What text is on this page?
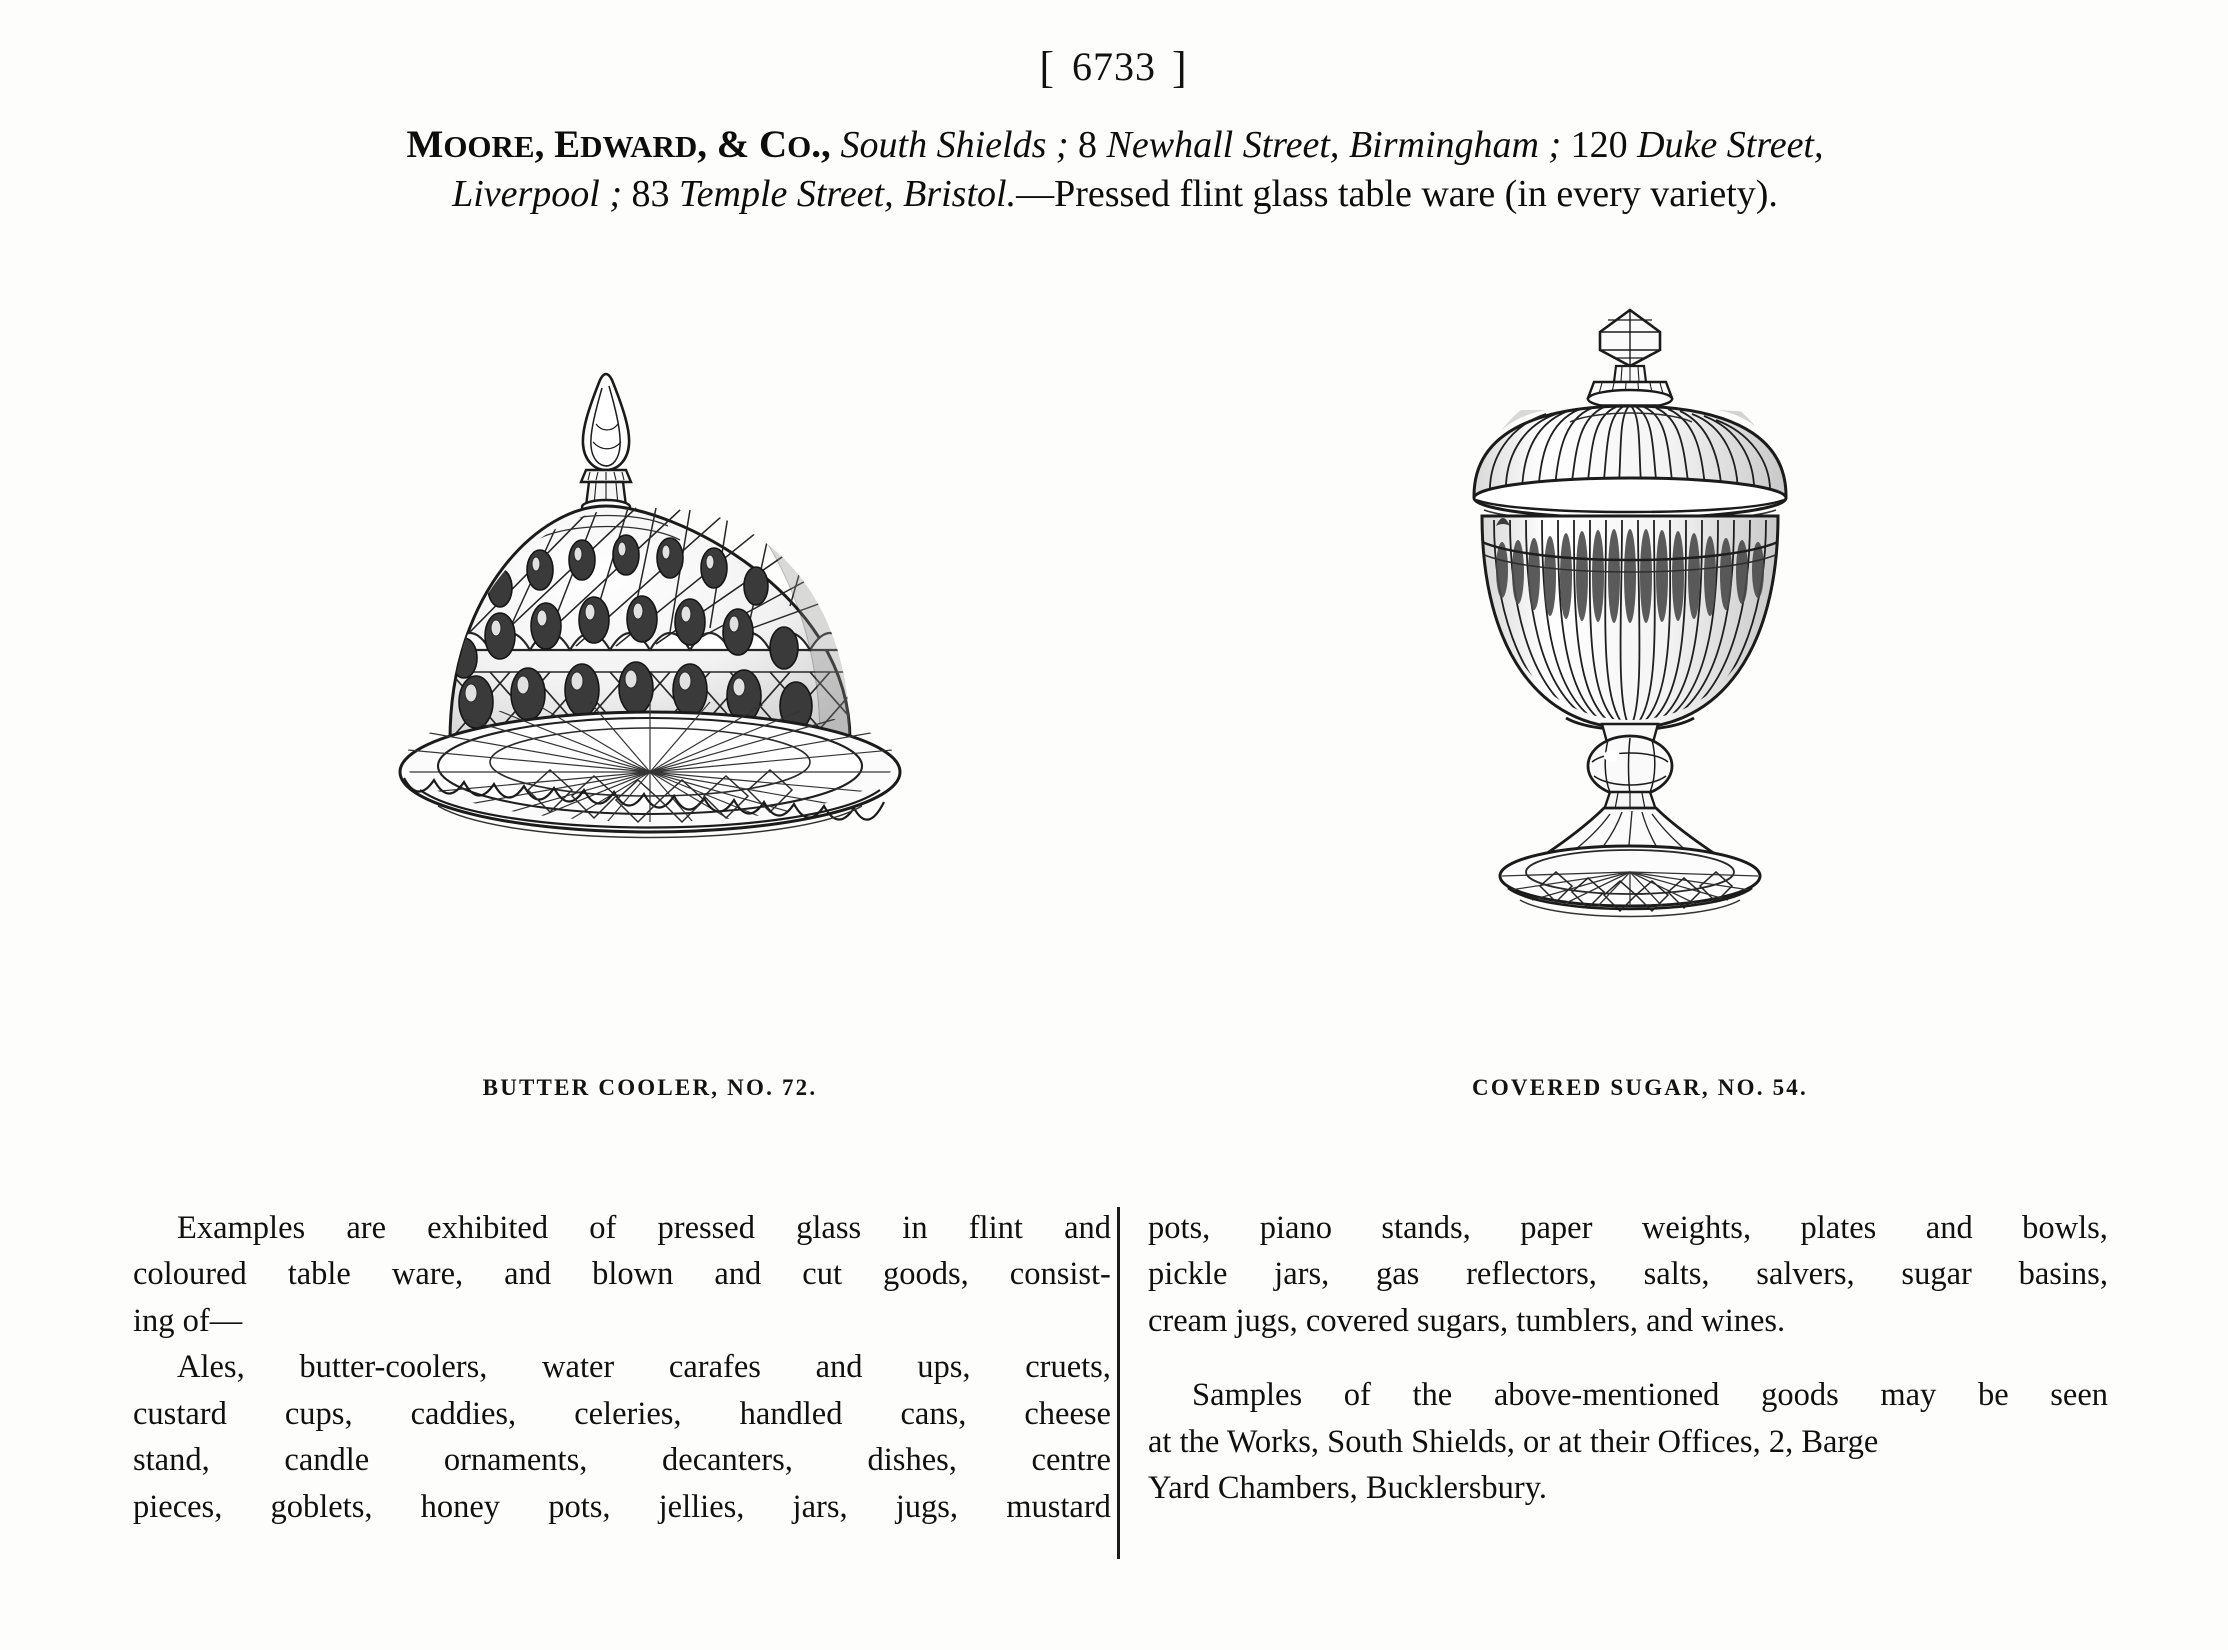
[ 6733 ]
MOORE, EDWARD, & CO., South Shields ; 8 Newhall Street, Birmingham ; 120 Duke Street,
Liverpool ; 83 Temple Street, Bristol.—Pressed flint glass table ware (in every variety).
BUTTER COOLER, NO. 72.	COVERED SUGAR, NO. 54.
Examples are exhibited of pressed glass in flint and
coloured table ware, and blown and cut goods, consist-
ing of—
Ales, butter-coolers, water carafes and ups, cruets,
custard cups, caddies, celeries, handled cans, cheese
stand, candle ornaments, decanters, dishes, centre
pieces, goblets, honey pots, jellies, jars, jugs, mustard
pots, piano stands, paper weights, plates and bowls,
pickle jars, gas reflectors, salts, salvers, sugar basins,
cream jugs, covered sugars, tumblers, and wines.
Samples of the above-mentioned goods may be seen
at the Works, South Shields, or at their Offices, 2, Barge
Yard Chambers, Bucklersbury.
